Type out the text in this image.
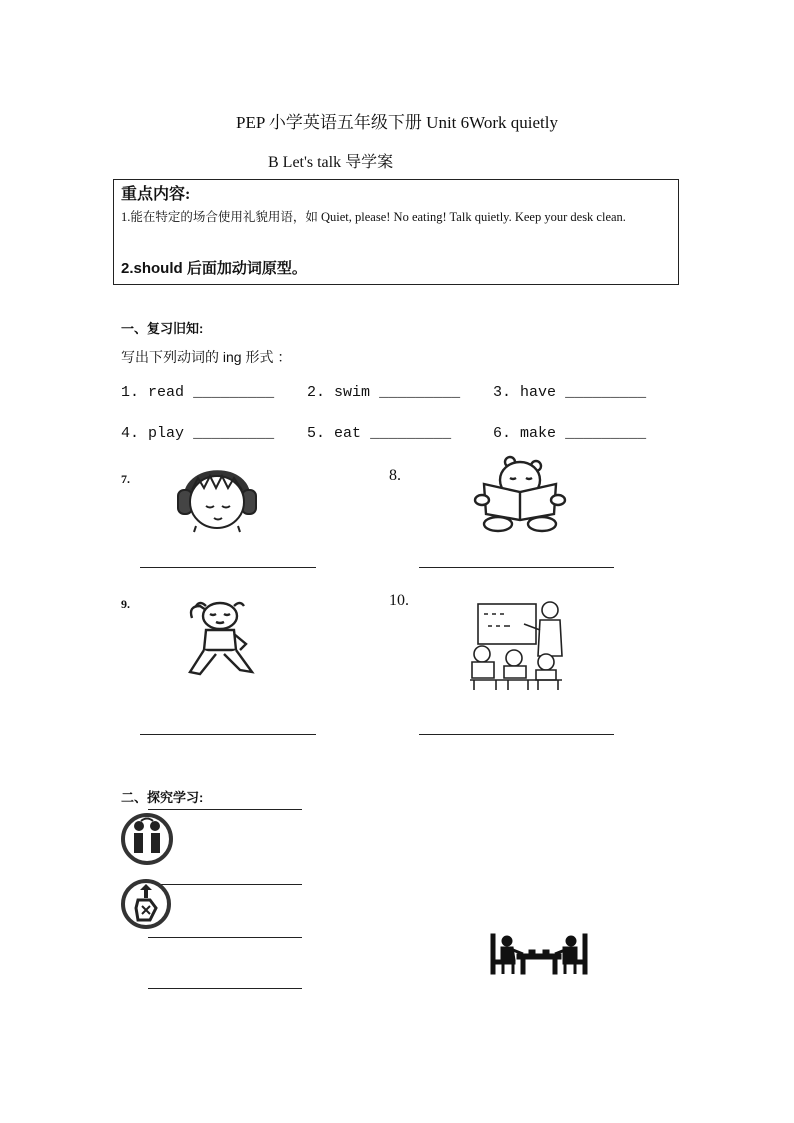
PEP 小学英语五年级下册 Unit 6Work quietly
B Let's talk 导学案
重点内容:
1.能在特定的场合使用礼貌用语，如 Quiet, please! No eating! Talk quietly. Keep your desk clean.
2.should 后面加动词原型。
一、复习旧知:
写出下列动词的 ing 形式 ：
1. read _________ 2. swim _________ 3. have _________
4. play _________ 5. eat _________	6. make _________
7.	8.
9.	10.
二、探究学习:
